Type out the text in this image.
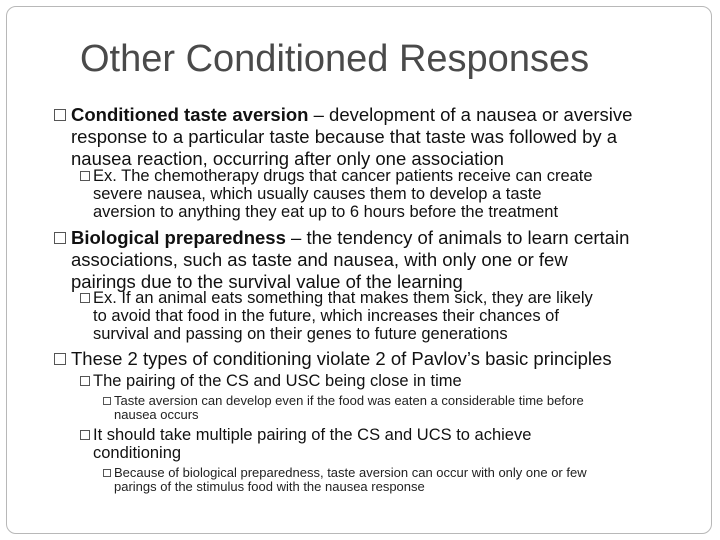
Other Conditioned Responses
Conditioned taste aversion – development of a nausea or aversive
response to a particular taste because that taste was followed by a
nausea reaction, occurring after only one association
Ex. The chemotherapy drugs that cancer patients receive can create
severe nausea, which usually causes them to develop a taste
aversion to anything they eat up to 6 hours before the treatment
Biological preparedness – the tendency of animals to learn certain
associations, such as taste and nausea, with only one or few
pairings due to the survival value of the learning
Ex. If an animal eats something that makes them sick, they are likely
to avoid that food in the future, which increases their chances of
survival and passing on their genes to future generations
These 2 types of conditioning violate 2 of Pavlov’s basic principles
The pairing of the CS and USC being close in time
Taste aversion can develop even if the food was eaten a considerable time before
nausea occurs
It should take multiple pairing of the CS and UCS to achieve
conditioning
Because of biological preparedness, taste aversion can occur with only one or few
parings of the stimulus food with the nausea response
